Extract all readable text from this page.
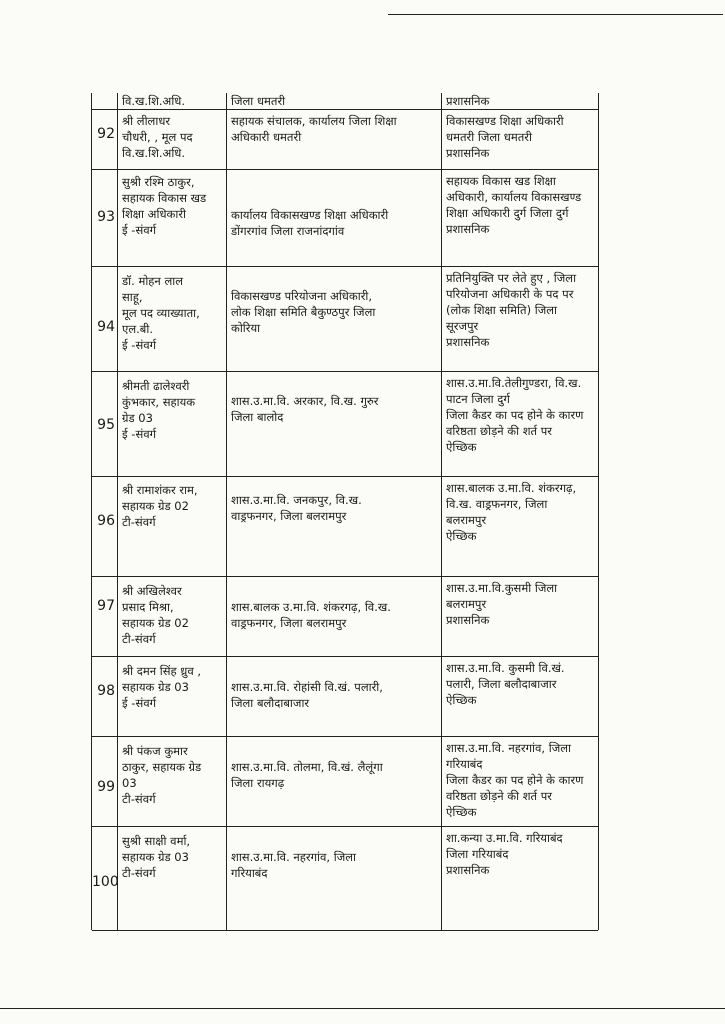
वि.ख.शि.अधि.	जिला धमतरी	प्रशासनिक
92
श्री लीलाधर
चौधरी, , मूल पद
वि.ख.शि.अधि.
सहायक संचालक, कार्यालय जिला शिक्षा
अधिकारी धमतरी
विकासखण्ड शिक्षा अधिकारी
धमतरी जिला धमतरी
प्रशासनिक
93
सुश्री रश्मि ठाकुर,
सहायक विकास खड
शिक्षा अधिकारी
ई -संवर्ग
कार्यालय विकासखण्ड शिक्षा अधिकारी
डोंगरगांव जिला राजनांदगांव
सहायक विकास खड शिक्षा
अधिकारी, कार्यालय विकासखण्ड
शिक्षा अधिकारी दुर्ग जिला दुर्ग
प्रशासनिक
94
डॉ. मोहन लाल
साहू,
मूल पद व्याख्याता,
एल.बी.
ई -संवर्ग
विकासखण्ड परियोजना अधिकारी,
लोक शिक्षा समिति बैकुण्ठपुर जिला
कोरिया
प्रतिनियुक्ति पर लेते हुए , जिला
परियोजना अधिकारी के पद पर
(लोक शिक्षा समिति) जिला
सूरजपुर
प्रशासनिक
95
श्रीमती ढालेश्वरी
कुंभकार, सहायक
ग्रेड 03
ई -संवर्ग
शास.उ.मा.वि. अरकार, वि.ख. गुरुर
जिला बालोद
शास.उ.मा.वि.तेलीगुण्डरा, वि.ख.
पाटन जिला दुर्ग
जिला कैडर का पद होने के कारण
वरिष्ठता छोड़ने की शर्त पर
ऐच्छिक
96
श्री रामाशंकर राम,
सहायक ग्रेड 02
टी-संवर्ग
शास.उ.मा.वि. जनकपुर, वि.ख.
वाड्रफनगर, जिला बलरामपुर
शास.बालक उ.मा.वि. शंकरगढ़,
वि.ख. वाड्रफनगर, जिला
बलरामपुर
ऐच्छिक
97
श्री अखिलेश्वर
प्रसाद मिश्रा,
सहायक ग्रेड 02
टी-संवर्ग
शास.बालक उ.मा.वि. शंकरगढ़, वि.ख.
वाड्रफनगर, जिला बलरामपुर
शास.उ.मा.वि.कुसमी जिला
बलरामपुर
प्रशासनिक
98
श्री दमन सिंह ध्रुव ,
सहायक ग्रेड 03
ई -संवर्ग
शास.उ.मा.वि. रोहांसी वि.खं. पलारी,
जिला बलौदाबाजार
शास.उ.मा.वि. कुसमी वि.खं.
पलारी, जिला बलौदाबाजार
ऐच्छिक
99
श्री पंकज कुमार
ठाकुर, सहायक ग्रेड
03
टी-संवर्ग
शास.उ.मा.वि. तोलमा, वि.खं. लैलूंगा
जिला रायगढ़
शास.उ.मा.वि. नहरगांव, जिला
गरियाबंद
जिला कैडर का पद होने के कारण
वरिष्ठता छोड़ने की शर्त पर
ऐच्छिक
100
सुश्री साक्षी वर्मा,
सहायक ग्रेड 03
टी-संवर्ग
शास.उ.मा.वि. नहरगांव, जिला
गरियाबंद
शा.कन्या उ.मा.वि. गरियाबंद
जिला गरियाबंद
प्रशासनिक
